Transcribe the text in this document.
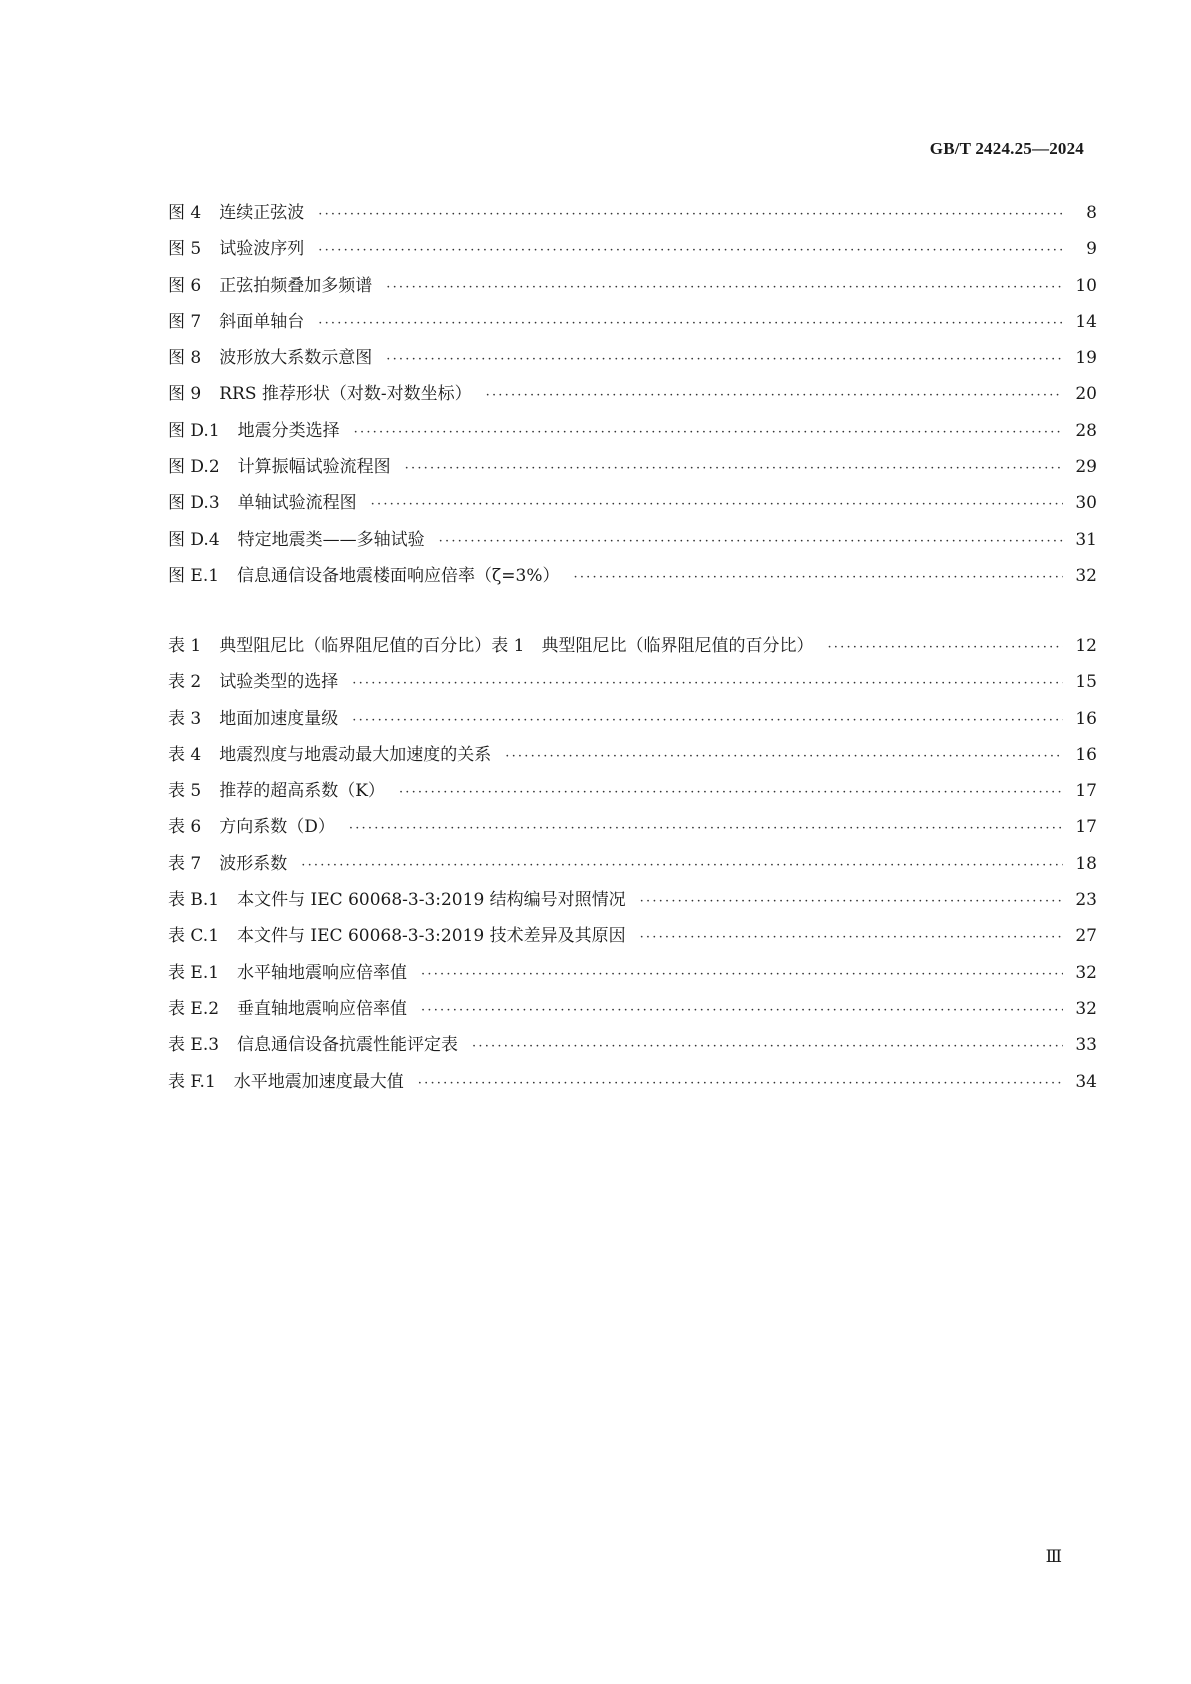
GB/T 2424.25—2024
图 4 连续正弦波 ·····	8
图 5 试验波序列 ·····	9
图 6 正弦拍频叠加多频谱 ·····	10
图 7 斜面单轴台 ·····	14
图 8 波形放大系数示意图 ·····	19
图 9 RRS 推荐形状（对数-对数坐标） ·····	20
图 D.1 地震分类选择 ·····	28
图 D.2 计算振幅试验流程图 ·····	29
图 D.3 单轴试验流程图 ·····	30
图 D.4 特定地震类——多轴试验 ·····	31
图 E.1 信息通信设备地震楼面响应倍率（ζ=3%） ·····	32
表 1 典型阻尼比（临界阻尼值的百分比）表 1　典型阻尼比（临界阻尼值的百分比） ·····	12
表 2 试验类型的选择 ·····	15
表 3 地面加速度量级 ·····	16
表 4 地震烈度与地震动最大加速度的关系 ·····	16
表 5 推荐的超高系数（K） ·····	17
表 6 方向系数（D） ·····	17
表 7 波形系数 ·····	18
表 B.1 本文件与 IEC 60068-3-3:2019 结构编号对照情况 ·····	23
表 C.1 本文件与 IEC 60068-3-3:2019 技术差异及其原因 ·····	27
表 E.1 水平轴地震响应倍率值 ·····	32
表 E.2 垂直轴地震响应倍率值 ·····	32
表 E.3 信息通信设备抗震性能评定表 ·····	33
表 F.1 水平地震加速度最大值 ·····	34
Ⅲ
